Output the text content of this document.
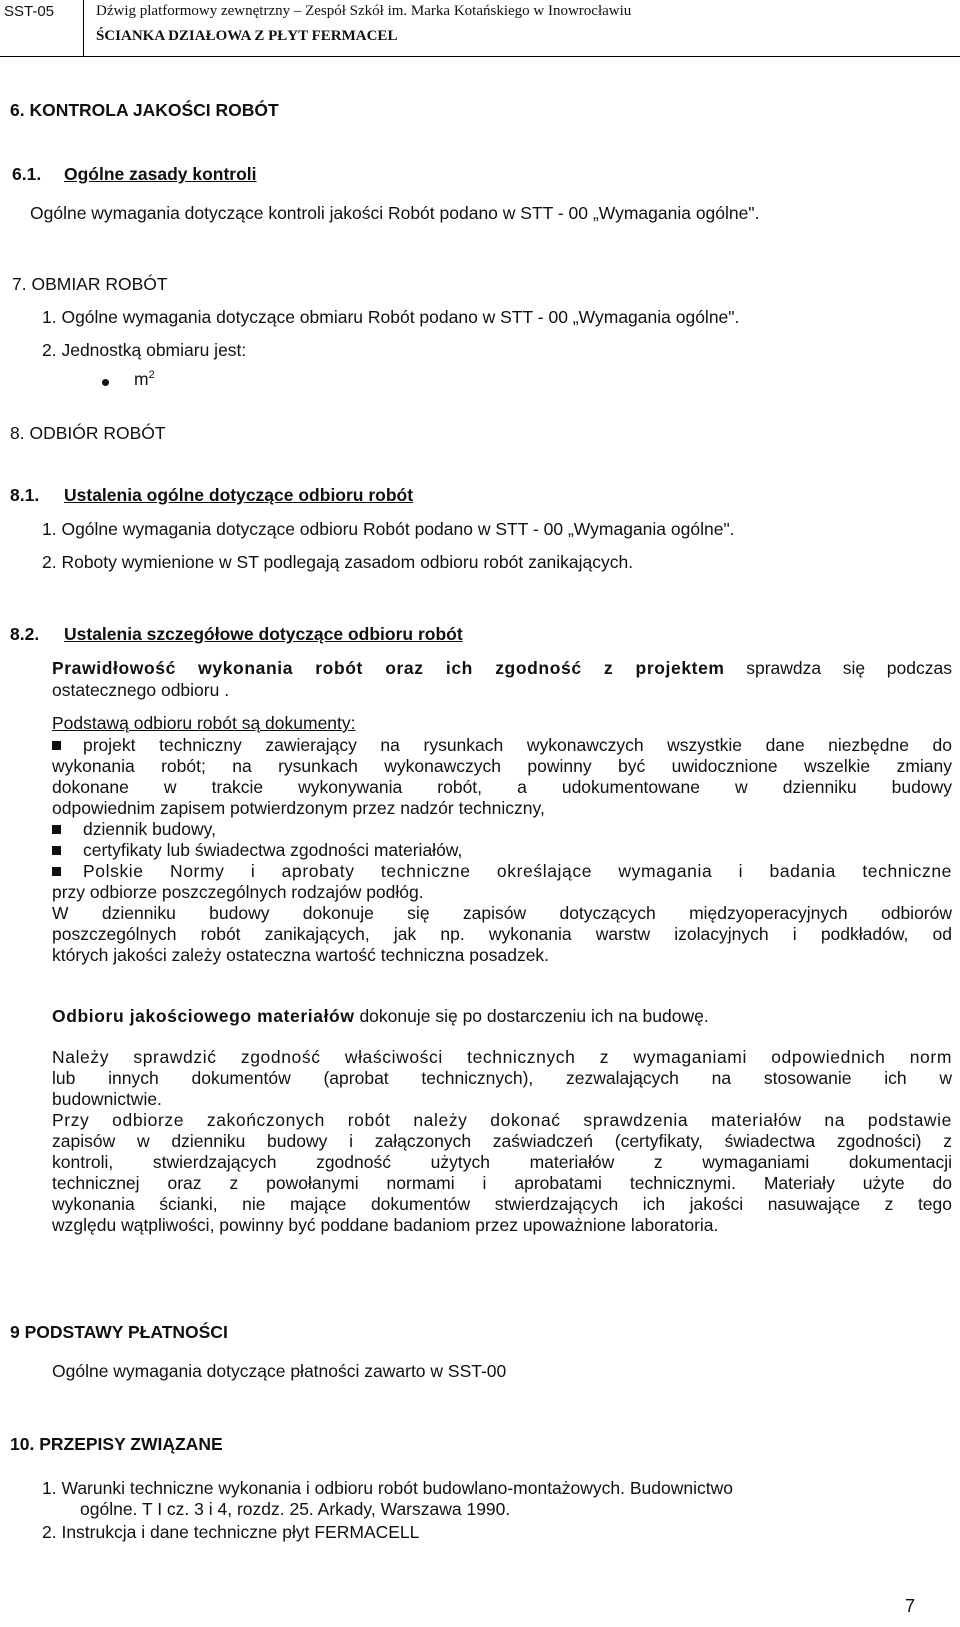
SST-05	Dźwig platformowy zewnętrzny – Zespół Szkół im. Marka Kotańskiego w Inowrocławiu
ŚCIANKA DZIAŁOWA Z PŁYT FERMACEL
6. KONTROLA JAKOŚCI ROBÓT
6.1. Ogólne zasady kontroli
Ogólne wymagania dotyczące kontroli jakości Robót podano w STT - 00 „Wymagania ogólne".
7. OBMIAR ROBÓT
1. Ogólne wymagania dotyczące obmiaru Robót podano w STT - 00 „Wymagania ogólne".
2. Jednostką obmiaru jest:
$m^2$
8. ODBIÓR ROBÓT
8.1. Ustalenia ogólne dotyczące odbioru robót
1. Ogólne wymagania dotyczące odbioru Robót podano w STT - 00 „Wymagania ogólne".
2. Roboty wymienione w ST podlegają zasadom odbioru robót zanikających.
8.2. Ustalenia szczegółowe dotyczące odbioru robót
Prawidłowość wykonania robót oraz ich zgodność z projektem sprawdza się podczas
ostatecznego odbioru .
Podstawą odbioru robót są dokumenty:
projekt techniczny zawierający na rysunkach wykonawczych wszystkie dane niezbędne do
wykonania robót; na rysunkach wykonawczych powinny być uwidocznione wszelkie zmiany
dokonane w trakcie wykonywania robót, a udokumentowane w dzienniku budowy
odpowiednim zapisem potwierdzonym przez nadzór techniczny,
dziennik budowy,
certyfikaty lub świadectwa zgodności materiałów,
Polskie Normy i aprobaty techniczne określające wymagania i badania techniczne
przy odbiorze poszczególnych rodzajów podłóg.
W dzienniku budowy dokonuje się zapisów dotyczących międzyoperacyjnych odbiorów
poszczególnych robót zanikających, jak np. wykonania warstw izolacyjnych i podkładów, od
których jakości zależy ostateczna wartość techniczna posadzek.
Odbioru jakościowego materiałów dokonuje się po dostarczeniu ich na budowę.
Należy sprawdzić zgodność właściwości technicznych z wymaganiami odpowiednich norm
lub innych dokumentów (aprobat technicznych), zezwalających na stosowanie ich w
budownictwie.
Przy odbiorze zakończonych robót należy dokonać sprawdzenia materiałów na podstawie
zapisów w dzienniku budowy i załączonych zaświadczeń (certyfikaty, świadectwa zgodności) z
kontroli, stwierdzających zgodność użytych materiałów z wymaganiami dokumentacji
technicznej oraz z powołanymi normami i aprobatami technicznymi. Materiały użyte do
wykonania ścianki, nie mające dokumentów stwierdzających ich jakości nasuwające z tego
względu wątpliwości, powinny być poddane badaniom przez upoważnione laboratoria.
9 PODSTAWY PŁATNOŚCI
Ogólne wymagania dotyczące płatności zawarto w SST-00
10. PRZEPISY ZWIĄZANE
1. Warunki techniczne wykonania i odbioru robót budowlano-montażowych. Budownictwo
ogólne. T I cz. 3 i 4, rozdz. 25. Arkady, Warszawa 1990.
2. Instrukcja i dane techniczne płyt FERMACELL
7
